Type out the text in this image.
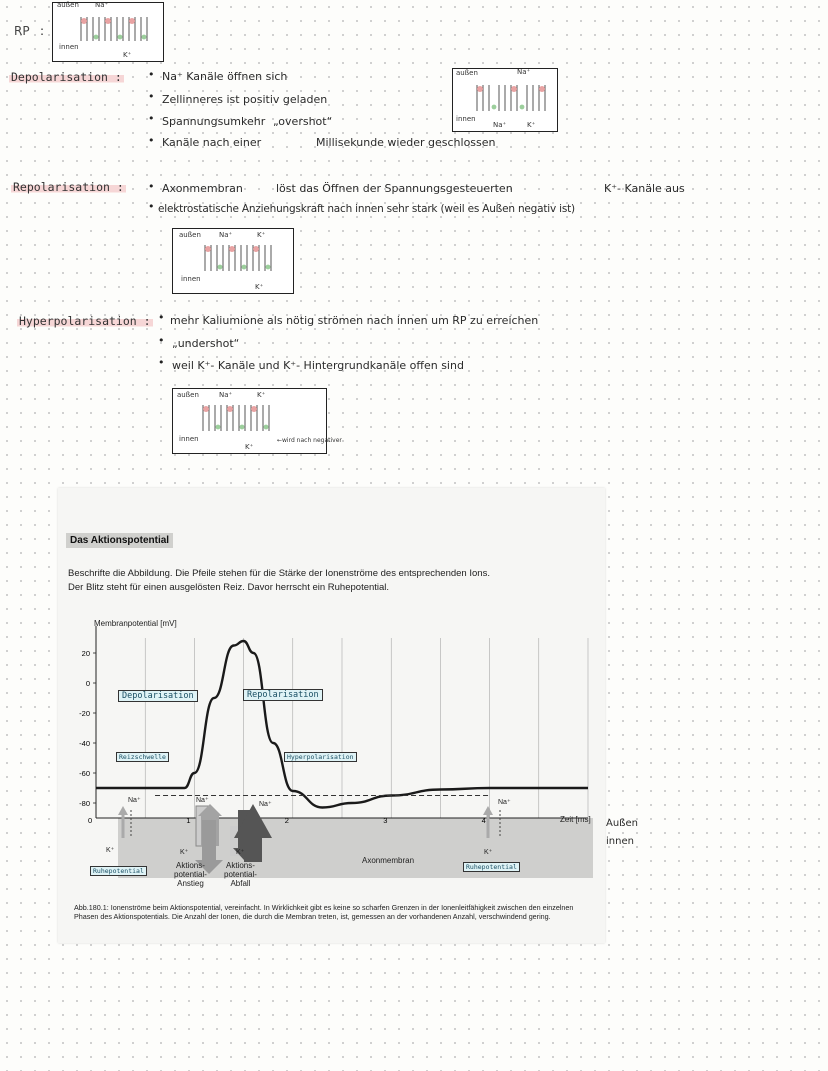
RP :
außen Na⁺
innen
K⁺
Depolarisation : • Na⁺ Kanäle öffnen sich
• Zellinneres ist positiv geladen
• Spannungsumkehr „overshot“
• Kanäle nach einer	Millisekunde wieder geschlossen
außen	Na⁺
innen
Na⁺	K⁺
Repolarisation : • Axonmembran	löst das Öffnen der Spannungsgesteuerten	K⁺- Kanäle aus
• elektrostatische Anziehungskraft nach innen sehr stark (weil es Außen negativ ist)
außen	Na⁺	K⁺
innen
K⁺
Hyperpolarisation : • mehr Kaliumione als nötig strömen nach innen um RP zu erreichen
• „undershot“
• weil K⁺- Kanäle und K⁺- Hintergrundkanäle offen sind
außen	Na⁺	K⁺
innen
K⁺
←wird nach negativer
Das Aktionspotential
Beschrifte die Abbildung. Die Pfeile stehen für die Stärke der Ionenströme des entsprechenden Ions.
Der Blitz steht für einen ausgelösten Reiz. Davor herrscht ein Ruhepotential.
Membranpotential [mV]
Zeit [ms]
Axonmembran
20
0
-20
-40
-60
-80
0	1	2	3	4
Na⁺	Na⁺
Na⁺	Na⁺
K⁺	K⁺	K⁺	K⁺
Aktions-
potential-
Anstieg
Aktions-
potential-
Abfall
Depolarisation	Repolarisation
Hyperpolarisation
Reizschwelle
Ruhepotential	Ruhepotential
Abb.180.1: Ionenströme beim Aktionspotential, vereinfacht. In Wirklichkeit gibt es keine so scharfen Grenzen in der Ionenleitfähigkeit zwischen den einzelnen Phasen des Aktionspotentials. Die Anzahl der Ionen, die durch die Membran treten, ist, gemessen an der vorhandenen Anzahl, verschwindend gering.
Außen
innen
